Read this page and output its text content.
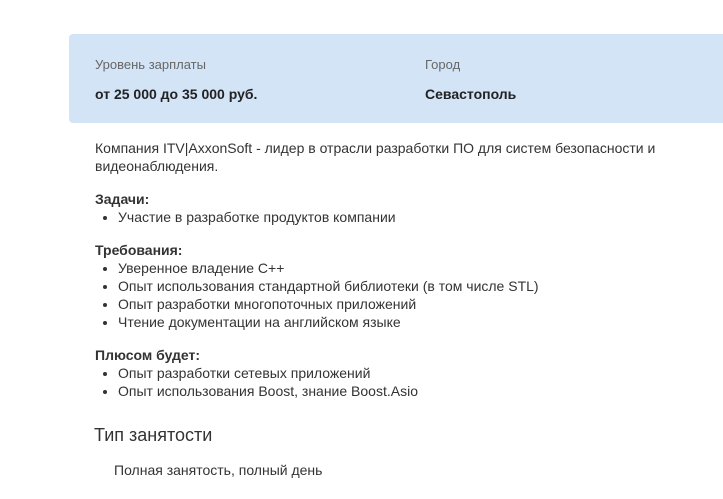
Уровень зарплаты
от 25 000 до 35 000 руб.
Город
Севастополь

Компания ITV|AxxonSoft - лидер в отрасли разработки ПО для систем безопасности и видеонаблюдения.

Задачи:

• Участие в разработке продуктов компании

Требования:

• Уверенное владение С++
• Опыт использования стандартной библиотеки (в том числе STL)
• Опыт разработки многопоточных приложений
• Чтение документации на английском языке

Плюсом будет:

• Опыт разработки сетевых приложений
• Опыт использования Boost, знание Boost.Asio
Тип занятости
Полная занятость, полный день
